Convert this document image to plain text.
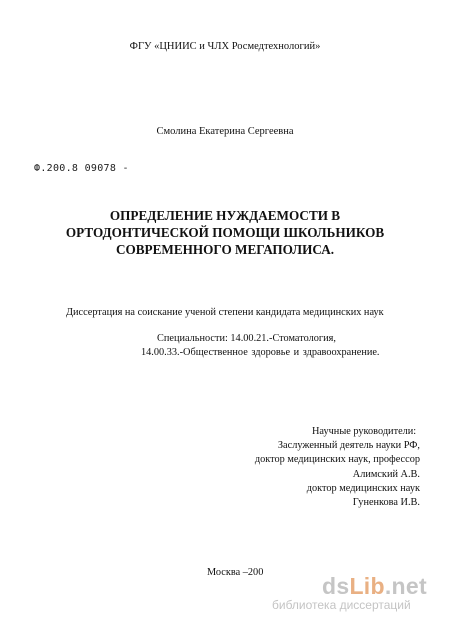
ФГУ «ЦНИИС и ЧЛХ Росмедтехнологий»
Смолина Екатерина Сергеевна
Ф.200.8 09078 -
ОПРЕДЕЛЕНИЕ НУЖДАЕМОСТИ В
ОРТОДОНТИЧЕСКОЙ ПОМОЩИ ШКОЛЬНИКОВ
СОВРЕМЕННОГО МЕГАПОЛИСА.
Диссертация на соискание ученой степени кандидата медицинских наук
Специальности: 14.00.21.-Стоматология,
14.00.33.-Общественное здоровье и здравоохранение.
Научные руководители:
Заслуженный деятель науки РФ,
доктор медицинских наук, профессор
Алимский А.В.
доктор медицинских наук
Гуненкова И.В.
Москва –200
dsLib.net
библиотека диссертаций
